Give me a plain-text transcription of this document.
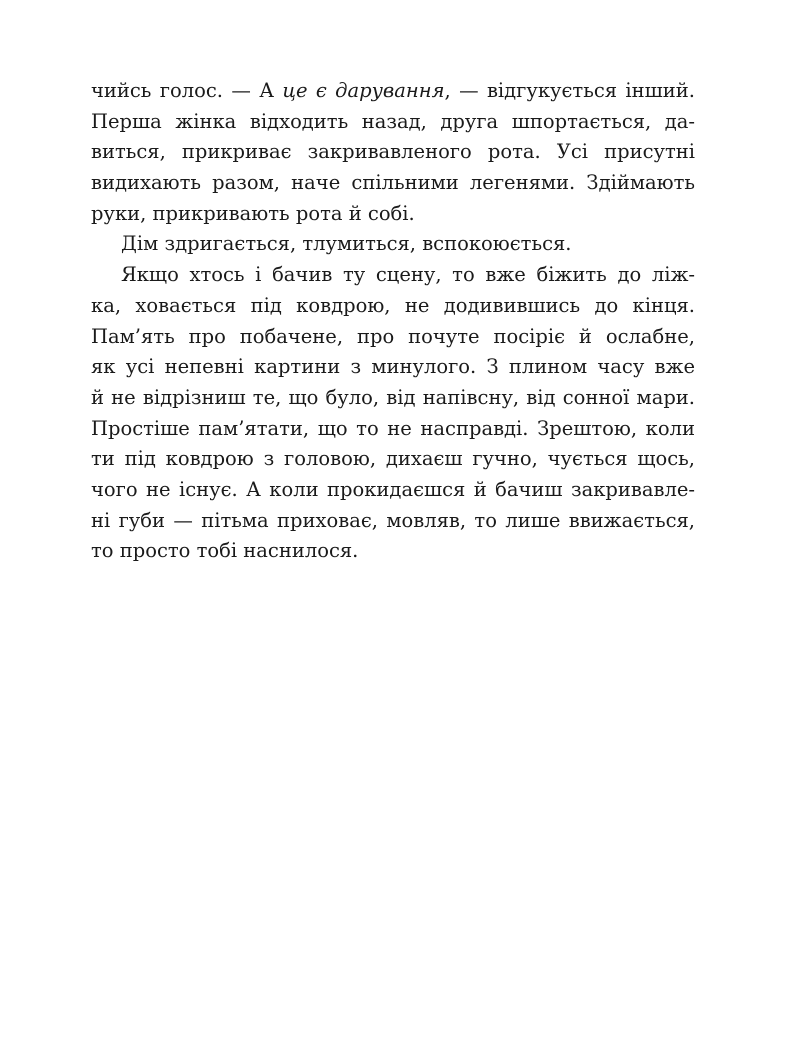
чийсь голос. — А це є дарування, — відгукується інший.
Перша жінка відходить назад, друга шпортається, да-
виться, прикриває закривавленого рота. Усі присутні
видихають разом, наче спільними легенями. Здіймають
руки, прикривають рота й собі.
Дім здригається, тлумиться, вспокоюється.
Якщо хтось і бачив ту сцену, то вже біжить до ліж-
ка, ховається під ковдрою, не додивившись до кінця.
Пам’ять про побачене, про почуте посіріє й ослабне,
як усі непевні картини з минулого. З плином часу вже
й не відрізниш те, що було, від напівсну, від сонної мари.
Простіше пам’ятати, що то не насправді. Зрештою, коли
ти під ковдрою з головою, дихаєш гучно, чується щось,
чого не існує. А коли прокидаєшся й бачиш закривавле-
ні губи — пітьма приховає, мовляв, то лише ввижається,
то просто тобі наснилося.
